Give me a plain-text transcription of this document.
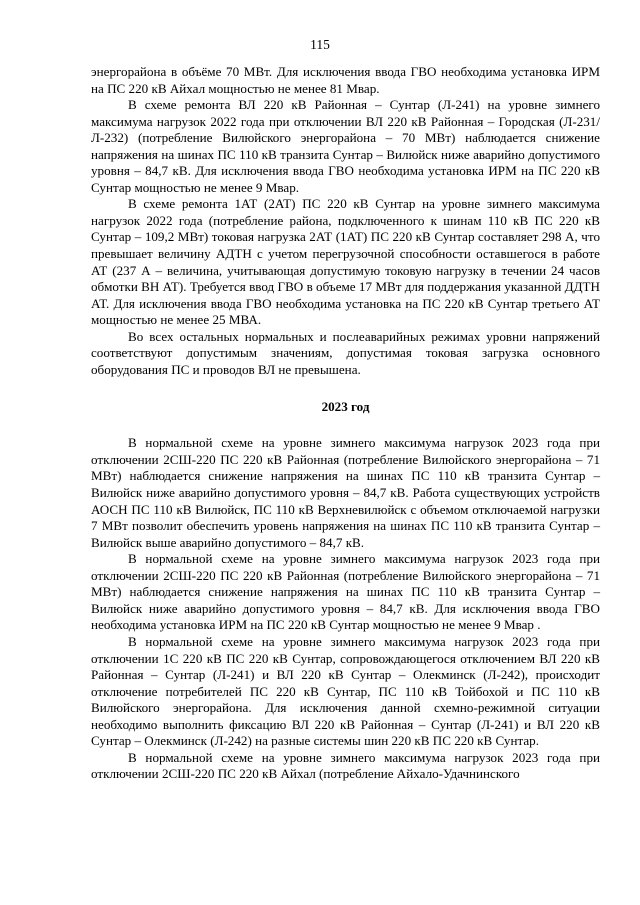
115

энергорайона в объёме 70 МВт. Для исключения ввода ГВО необходима установка ИРМ на ПС 220 кВ Айхал мощностью не менее 81 Мвар.

В схеме ремонта ВЛ 220 кВ Районная – Сунтар (Л-241) на уровне зимнего максимума нагрузок 2022 года при отключении ВЛ 220 кВ Районная – Городская (Л-231/Л-232) (потребление Вилюйского энергорайона – 70 МВт) наблюдается снижение напряжения на шинах ПС 110 кВ транзита Сунтар – Вилюйск ниже аварийно допустимого уровня – 84,7 кВ. Для исключения ввода ГВО необходима установка ИРМ на ПС 220 кВ Сунтар мощностью не менее 9 Мвар.

В схеме ремонта 1АТ (2АТ) ПС 220 кВ Сунтар на уровне зимнего максимума нагрузок 2022 года (потребление района, подключенного к шинам 110 кВ ПС 220 кВ Сунтар – 109,2 МВт) токовая нагрузка 2АТ (1АТ) ПС 220 кВ Сунтар составляет 298 А, что превышает величину АДТН с учетом перегрузочной способности оставшегося в работе АТ (237 А – величина, учитывающая допустимую токовую нагрузку в течении 24 часов обмотки ВН АТ). Требуется ввод ГВО в объеме 17 МВт для поддержания указанной ДДТН АТ. Для исключения ввода ГВО необходима установка на ПС 220 кВ Сунтар третьего АТ мощностью не менее 25 МВА.

Во всех остальных нормальных и послеаварийных режимах уровни напряжений соответствуют допустимым значениям, допустимая токовая загрузка основного оборудования ПС и проводов ВЛ не превышена.

2023 год

В нормальной схеме на уровне зимнего максимума нагрузок 2023 года при отключении 2СШ-220 ПС 220 кВ Районная (потребление Вилюйского энергорайона – 71 МВт) наблюдается снижение напряжения на шинах ПС 110 кВ транзита Сунтар – Вилюйск ниже аварийно допустимого уровня – 84,7 кВ. Работа существующих устройств АОСН ПС 110 кВ Вилюйск, ПС 110 кВ Верхневилюйск с объемом отключаемой нагрузки 7 МВт позволит обеспечить уровень напряжения на шинах ПС 110 кВ транзита Сунтар – Вилюйск выше аварийно допустимого – 84,7 кВ.

В нормальной схеме на уровне зимнего максимума нагрузок 2023 года при отключении 2СШ-220 ПС 220 кВ Районная (потребление Вилюйского энергорайона – 71 МВт) наблюдается снижение напряжения на шинах ПС 110 кВ транзита Сунтар – Вилюйск ниже аварийно допустимого уровня – 84,7 кВ. Для исключения ввода ГВО необходима установка ИРМ на ПС 220 кВ Сунтар мощностью не менее 9 Мвар .

В нормальной схеме на уровне зимнего максимума нагрузок 2023 года при отключении 1С 220 кВ ПС 220 кВ Сунтар, сопровождающегося отключением ВЛ 220 кВ Районная – Сунтар (Л-241) и ВЛ 220 кВ Сунтар – Олекминск (Л-242), происходит отключение потребителей ПС 220 кВ Сунтар, ПС 110 кВ Тойбохой и ПС 110 кВ Вилюйского энергорайона. Для исключения данной схемно-режимной ситуации необходимо выполнить фиксацию ВЛ 220 кВ Районная – Сунтар (Л-241) и ВЛ 220 кВ Сунтар – Олекминск (Л-242) на разные системы шин 220 кВ ПС 220 кВ Сунтар.

В нормальной схеме на уровне зимнего максимума нагрузок 2023 года при отключении 2СШ-220 ПС 220 кВ Айхал (потребление Айхало-Удачнинского
